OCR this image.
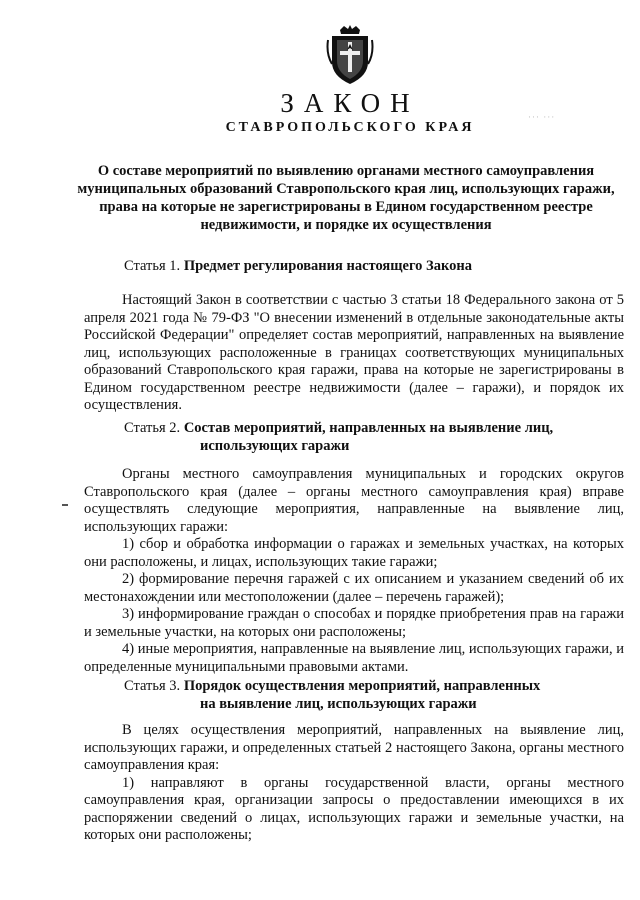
··· ···
ЗАКОН
СТАВРОПОЛЬСКОГО КРАЯ
О составе мероприятий по выявлению органами местного самоуправления муниципальных образований Ставропольского края лиц, использующих гаражи, права на которые не зарегистрированы в Едином государственном реестре недвижимости, и порядке их осуществления
Статья 1. Предмет регулирования настоящего Закона
Настоящий Закон в соответствии с частью 3 статьи 18 Федерального закона от 5 апреля 2021 года № 79-ФЗ "О внесении изменений в отдельные законодательные акты Российской Федерации" определяет состав мероприятий, направленных на выявление лиц, использующих расположенные в границах соответствующих муниципальных образований Ставропольского края гаражи, права на которые не зарегистрированы в Едином государственном реестре недвижимости (далее – гаражи), и порядок их осуществления.
Статья 2. Состав мероприятий, направленных на выявление лиц,
использующих гаражи
Органы местного самоуправления муниципальных и городских округов Ставропольского края (далее – органы местного самоуправления края) вправе осуществлять следующие мероприятия, направленные на выявление лиц, использующих гаражи:
1) сбор и обработка информации о гаражах и земельных участках, на которых они расположены, и лицах, использующих такие гаражи;
2) формирование перечня гаражей с их описанием и указанием сведений об их местонахождении или местоположении (далее – перечень гаражей);
3) информирование граждан о способах и порядке приобретения прав на гаражи и земельные участки, на которых они расположены;
4) иные мероприятия, направленные на выявление лиц, использующих гаражи, и определенные муниципальными правовыми актами.
Статья 3. Порядок осуществления мероприятий, направленных
на выявление лиц, использующих гаражи
В целях осуществления мероприятий, направленных на выявление лиц, использующих гаражи, и определенных статьей 2 настоящего Закона, органы местного самоуправления края:
1) направляют в органы государственной власти, органы местного самоуправления края, организации запросы о предоставлении имеющихся в их распоряжении сведений о лицах, использующих гаражи и земельные участки, на которых они расположены;
